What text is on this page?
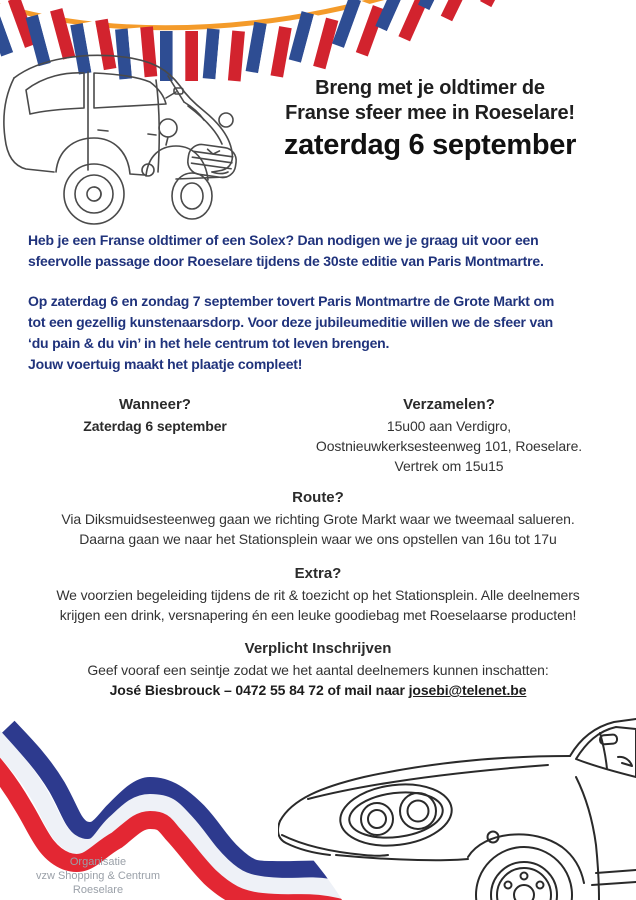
Breng met je oldtimer de
Franse sfeer mee in Roeselare!
zaterdag 6 september
Heb je een Franse oldtimer of een Solex? Dan nodigen we je graag uit voor een
sfeervolle passage door Roeselare tijdens de 30ste editie van Paris Montmartre.
Op zaterdag 6 en zondag 7 september tovert Paris Montmartre de Grote Markt om
tot een gezellig kunstenaarsdorp. Voor deze jubileumeditie willen we de sfeer van
‘du pain & du vin’ in het hele centrum tot leven brengen.
Jouw voertuig maakt het plaatje compleet!
Wanneer?
Zaterdag 6 september
Verzamelen?
15u00 aan Verdigro,
Oostnieuwkerksesteenweg 101, Roeselare.
Vertrek om 15u15
Route?
Via Diksmuidsesteenweg gaan we richting Grote Markt waar we tweemaal salueren.
Daarna gaan we naar het Stationsplein waar we ons opstellen van 16u tot 17u
Extra?
We voorzien begeleiding tijdens de rit & toezicht op het Stationsplein. Alle deelnemers
krijgen een drink, versnapering én een leuke goodiebag met Roeselaarse producten!
Verplicht Inschrijven
Geef vooraf een seintje zodat we het aantal deelnemers kunnen inschatten:
José Biesbrouck – 0472 55 84 72 of mail naar josebi@telenet.be
Organisatie
vzw Shopping & Centrum Roeselare
